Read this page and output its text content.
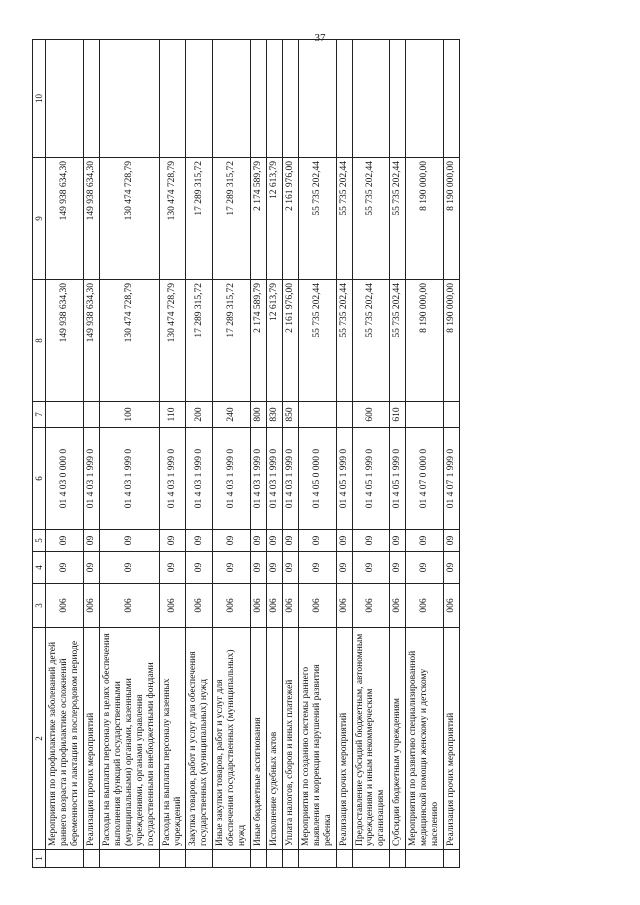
37
1	2	3	4	5	6	7	8	9	10
	Мероприятия по профилактике заболеваний детей раннего возраста и профилактике осложнений беременности и лактации в послеродовом периоде	006	09	09	01 4 03 0 000 0		149 938 634,30	149 938 634,30	
	Реализация прочих мероприятий	006	09	09	01 4 03 1 999 0		149 938 634,30	149 938 634,30	
	Расходы на выплаты персоналу в целях обеспечения выполнения функций государственными (муниципальными) органами, казенными учреждениями, органами управления государственными внебюджетными фондами	006	09	09	01 4 03 1 999 0	100	130 474 728,79	130 474 728,79	
	Расходы на выплаты персоналу казенных учреждений	006	09	09	01 4 03 1 999 0	110	130 474 728,79	130 474 728,79	
	Закупка товаров, работ и услуг для обеспечения государственных (муниципальных) нужд	006	09	09	01 4 03 1 999 0	200	17 289 315,72	17 289 315,72	
	Иные закупки товаров, работ и услуг для обеспечения государственных (муниципальных) нужд	006	09	09	01 4 03 1 999 0	240	17 289 315,72	17 289 315,72	
	Иные бюджетные ассигнования	006	09	09	01 4 03 1 999 0	800	2 174 589,79	2 174 589,79	
	Исполнение судебных актов	006	09	09	01 4 03 1 999 0	830	12 613,79	12 613,79	
	Уплата налогов, сборов и иных платежей	006	09	09	01 4 03 1 999 0	850	2 161 976,00	2 161 976,00	
	Мероприятия по созданию системы раннего выявления и коррекции нарушений развития ребенка	006	09	09	01 4 05 0 000 0		55 735 202,44	55 735 202,44	
	Реализация прочих мероприятий	006	09	09	01 4 05 1 999 0		55 735 202,44	55 735 202,44	
	Предоставление субсидий бюджетным, автономным учреждениям и иным некоммерческим организациям	006	09	09	01 4 05 1 999 0	600	55 735 202,44	55 735 202,44	
	Субсидии бюджетным учреждениям	006	09	09	01 4 05 1 999 0	610	55 735 202,44	55 735 202,44	
	Мероприятия по развитию специализированной медицинской помощи женскому и детскому населению	006	09	09	01 4 07 0 000 0		8 190 000,00	8 190 000,00	
	Реализация прочих мероприятий	006	09	09	01 4 07 1 999 0		8 190 000,00	8 190 000,00	
